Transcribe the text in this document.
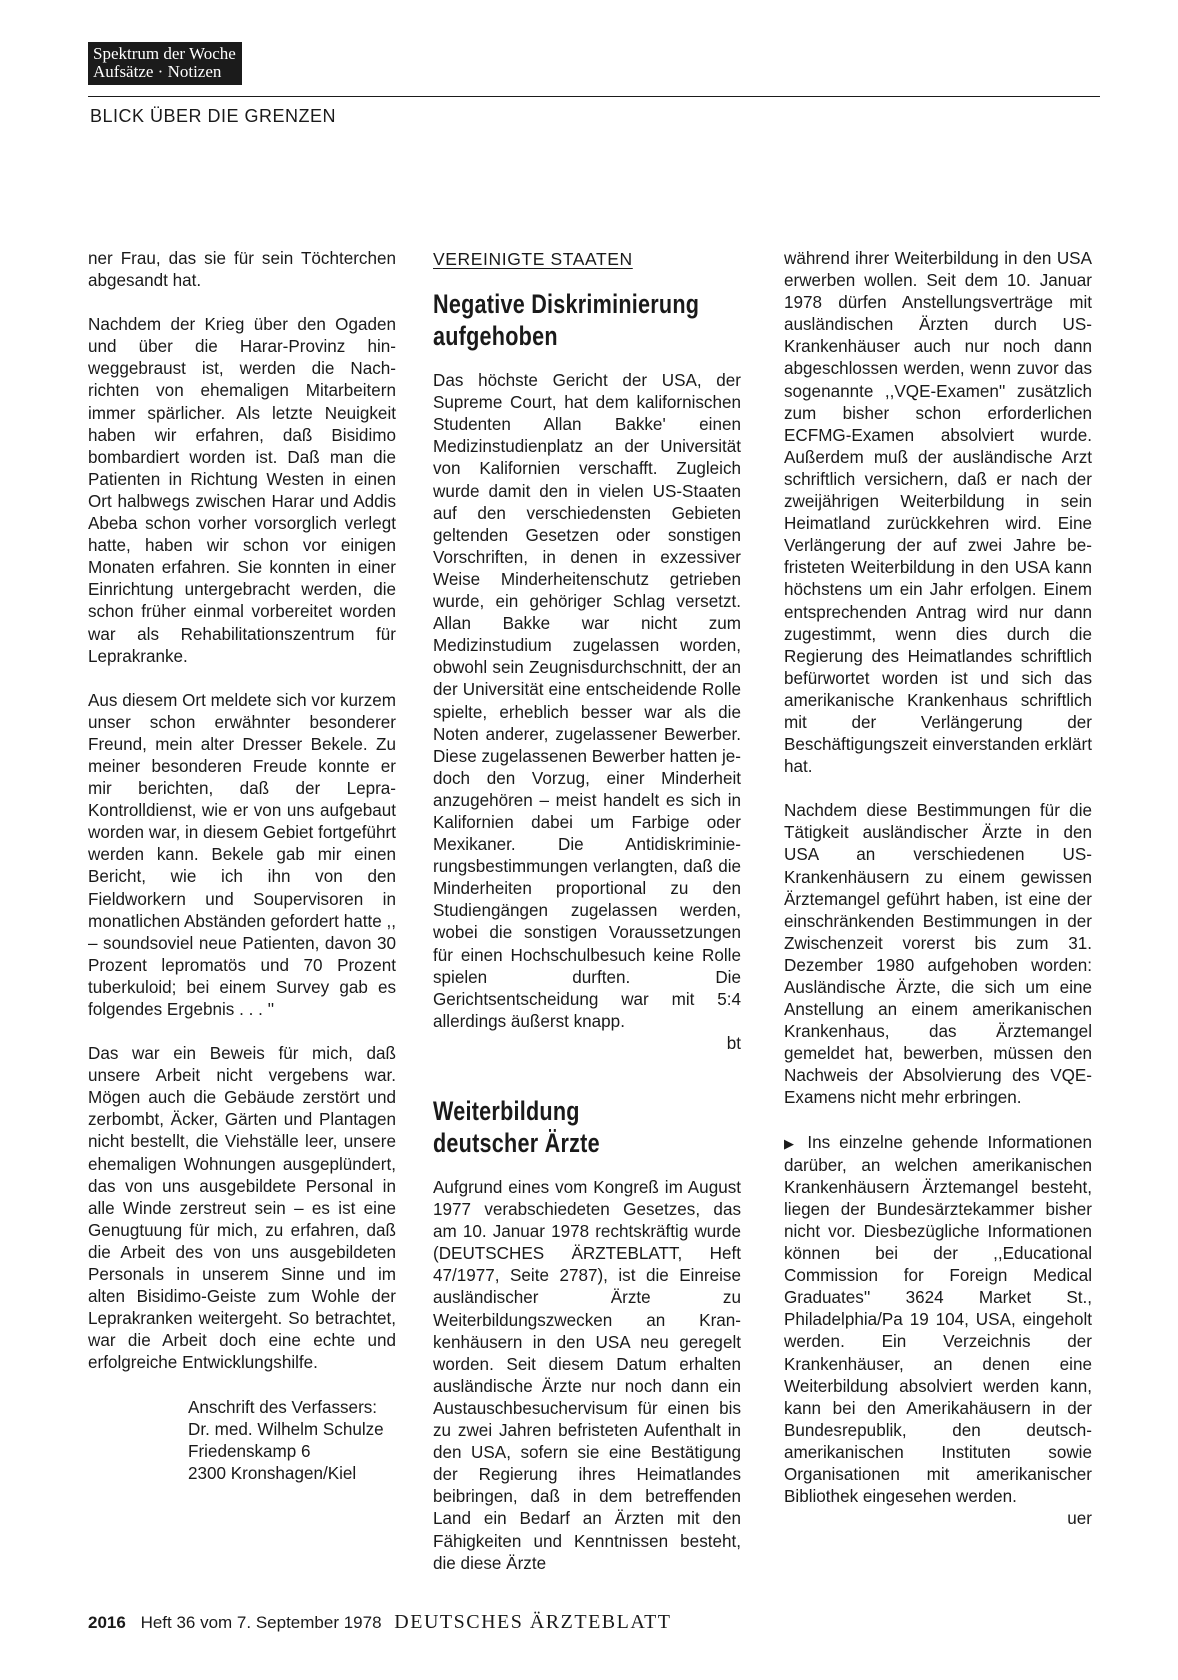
Spektrum der Woche
Aufsätze · Notizen
BLICK ÜBER DIE GRENZEN

ner Frau, das sie für sein Töchterchen abgesandt hat.

Nachdem der Krieg über den Ogaden und über die Harar-Provinz hinweggebraust ist, werden die Nachrichten von ehemaligen Mitarbeitern immer spärlicher. Als letzte Neuigkeit haben wir erfahren, daß Bisidimo bombardiert worden ist. Daß man die Patienten in Richtung Westen in einen Ort halbwegs zwischen Harar und Addis Abeba schon vorher vorsorglich verlegt hatte, haben wir schon vor einigen Monaten erfahren. Sie konnten in einer Einrichtung untergebracht werden, die schon früher einmal vorbereitet worden war als Rehabilitationszentrum für Leprakranke.

Aus diesem Ort meldete sich vor kurzem unser schon erwähnter besonderer Freund, mein alter Dresser Bekele. Zu meiner besonderen Freude konnte er mir berichten, daß der Lepra-Kontrolldienst, wie er von uns aufgebaut worden war, in diesem Gebiet fortgeführt werden kann. Bekele gab mir einen Bericht, wie ich ihn von den Fieldworkern und Soupervisoren in monatlichen Abständen gefordert hatte ,, – soundsoviel neue Patienten, davon 30 Prozent lepromatös und 70 Prozent tuberkuloid; bei einem Survey gab es folgendes Ergebnis . . . ''

Das war ein Beweis für mich, daß unsere Arbeit nicht vergebens war. Mögen auch die Gebäude zerstört und zerbombt, Äcker, Gärten und Plantagen nicht bestellt, die Viehställe leer, unsere ehemaligen Wohnungen ausgeplündert, das von uns ausgebildete Personal in alle Winde zerstreut sein – es ist eine Genugtuung für mich, zu erfahren, daß die Arbeit des von uns ausgebildeten Personals in unserem Sinne und im alten Bisidimo-Geiste zum Wohle der Leprakranken weitergeht. So betrachtet, war die Arbeit doch eine echte und erfolgreiche Entwicklungshilfe.

Anschrift des Verfassers:
Dr. med. Wilhelm Schulze
Friedenskamp 6
2300 Kronshagen/Kiel
VEREINIGTE STAATEN
Negative Diskriminierung
aufgehoben

Das höchste Gericht der USA, der Supreme Court, hat dem kalifornischen Studenten Allan Bakke' einen Medizinstudienplatz an der Universität von Kalifornien verschafft. Zugleich wurde damit den in vielen US-Staaten auf den verschiedensten Gebieten geltenden Gesetzen oder sonstigen Vorschriften, in denen in exzessiver Weise Minderheitenschutz getrieben wurde, ein gehöriger Schlag versetzt. Allan Bakke war nicht zum Medizinstudium zugelassen worden, obwohl sein Zeugnisdurchschnitt, der an der Universität eine entscheidende Rolle spielte, erheblich besser war als die Noten anderer, zugelassener Bewerber. Diese zugelassenen Bewerber hatten jedoch den Vorzug, einer Minderheit anzugehören – meist handelt es sich in Kalifornien dabei um Farbige oder Mexikaner. Die Antidiskriminierungsbestimmungen verlangten, daß die Minderheiten proportional zu den Studiengängen zugelassen werden, wobei die sonstigen Voraussetzungen für einen Hochschulbesuch keine Rolle spielen durften. Die Gerichtsentscheidung war mit 5:4 allerdings äußerst knapp.

bt
Weiterbildung
deutscher Ärzte

Aufgrund eines vom Kongreß im August 1977 verabschiedeten Gesetzes, das am 10. Januar 1978 rechtskräftig wurde (DEUTSCHES ÄRZTEBLATT, Heft 47/1977, Seite 2787), ist die Einreise ausländischer Ärzte zu Weiterbildungszwecken an Krankenhäusern in den USA neu geregelt worden. Seit diesem Datum erhalten ausländische Ärzte nur noch dann ein Austauschbesuchervisum für einen bis zu zwei Jahren befristeten Aufenthalt in den USA, sofern sie eine Bestätigung der Regierung ihres Heimatlandes beibringen, daß in dem betreffenden Land ein Bedarf an Ärzten mit den Fähigkeiten und Kenntnissen besteht, die diese Ärzte

während ihrer Weiterbildung in den USA erwerben wollen. Seit dem 10. Januar 1978 dürfen Anstellungsverträge mit ausländischen Ärzten durch US-Krankenhäuser auch nur noch dann abgeschlossen werden, wenn zuvor das sogenannte ,,VQE-Examen'' zusätzlich zum bisher schon erforderlichen ECFMG-Examen absolviert wurde. Außerdem muß der ausländische Arzt schriftlich versichern, daß er nach der zweijährigen Weiterbildung in sein Heimatland zurückkehren wird. Eine Verlängerung der auf zwei Jahre befristeten Weiterbildung in den USA kann höchstens um ein Jahr erfolgen. Einem entsprechenden Antrag wird nur dann zugestimmt, wenn dies durch die Regierung des Heimatlandes schriftlich befürwortet worden ist und sich das amerikanische Krankenhaus schriftlich mit der Verlängerung der Beschäftigungszeit einverstanden erklärt hat.

Nachdem diese Bestimmungen für die Tätigkeit ausländischer Ärzte in den USA an verschiedenen US-Krankenhäusern zu einem gewissen Ärztemangel geführt haben, ist eine der einschränkenden Bestimmungen in der Zwischenzeit vorerst bis zum 31. Dezember 1980 aufgehoben worden: Ausländische Ärzte, die sich um eine Anstellung an einem amerikanischen Krankenhaus, das Ärztemangel gemeldet hat, bewerben, müssen den Nachweis der Absolvierung des VQE-Examens nicht mehr erbringen.

▶ Ins einzelne gehende Informationen darüber, an welchen amerikanischen Krankenhäusern Ärztemangel besteht, liegen der Bundesärztekammer bisher nicht vor. Diesbezügliche Informationen können bei der ,,Educational Commission for Foreign Medical Graduates'' 3624 Market St., Philadelphia/Pa 19 104, USA, eingeholt werden. Ein Verzeichnis der Krankenhäuser, an denen eine Weiterbildung absolviert werden kann, kann bei den Amerikahäusern in der Bundesrepublik, den deutsch-amerikanischen Instituten sowie Organisationen mit amerikanischer Bibliothek eingesehen werden.

uer
2016 Heft 36 vom 7. September 1978 DEUTSCHES ÄRZTEBLATT
